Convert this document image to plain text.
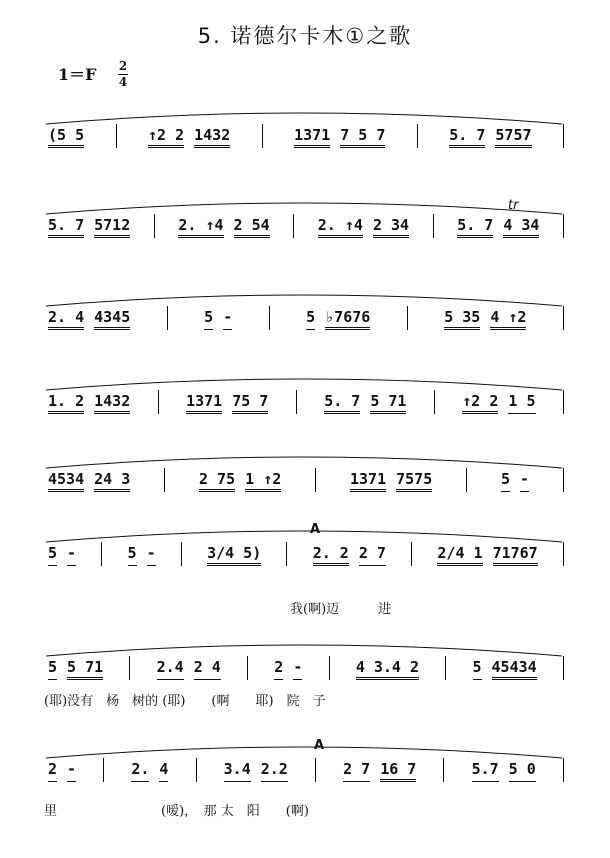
5. 诺德尔卡木①之歌
1＝F 2
4
(5 5	↑2 2 1432	1371 7 5 7	5. 7 5757
5. 7 5712	2. ↑4 2 54	2. ↑4 2 34	5. 7 4 34
tr
2. 4 4345	5 -	5 ♭7676	5 35 4 ↑2
1. 2 1432	1371 75 7	5. 7 5 71	↑2 2 1 5
4534 24 3	2 75 1 ↑2	1371 7575	5 -
5 -	5 -	3/4 5)	2. 2 2 7	2/4 1 71767
A
5 5 71	2.4 2 4	2 -	4 3.4 2	5 45434
2 -	2. 4	3.4 2.2	2 7 16 7	5.7 5 0
A
我(啊)迈　　　进
(耶)没有　杨　树的 (耶)　　(啊　　耶)　院　子
里　　　　　　　　(嗳)，　那 太　阳　　(啊)
